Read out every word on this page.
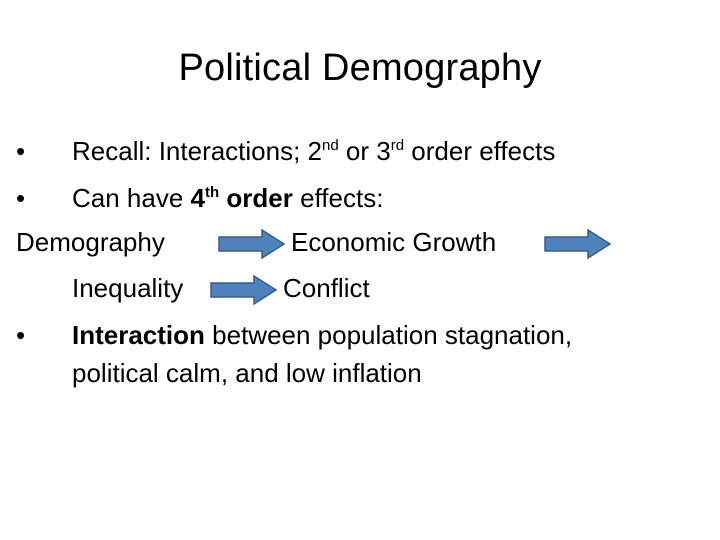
Political Demography
• Recall: Interactions; 2nd or 3rd order effects
• Can have 4th order effects:
Demography	Economic Growth
Inequality	Conflict
• Interaction between population stagnation,
political calm, and low inflation
